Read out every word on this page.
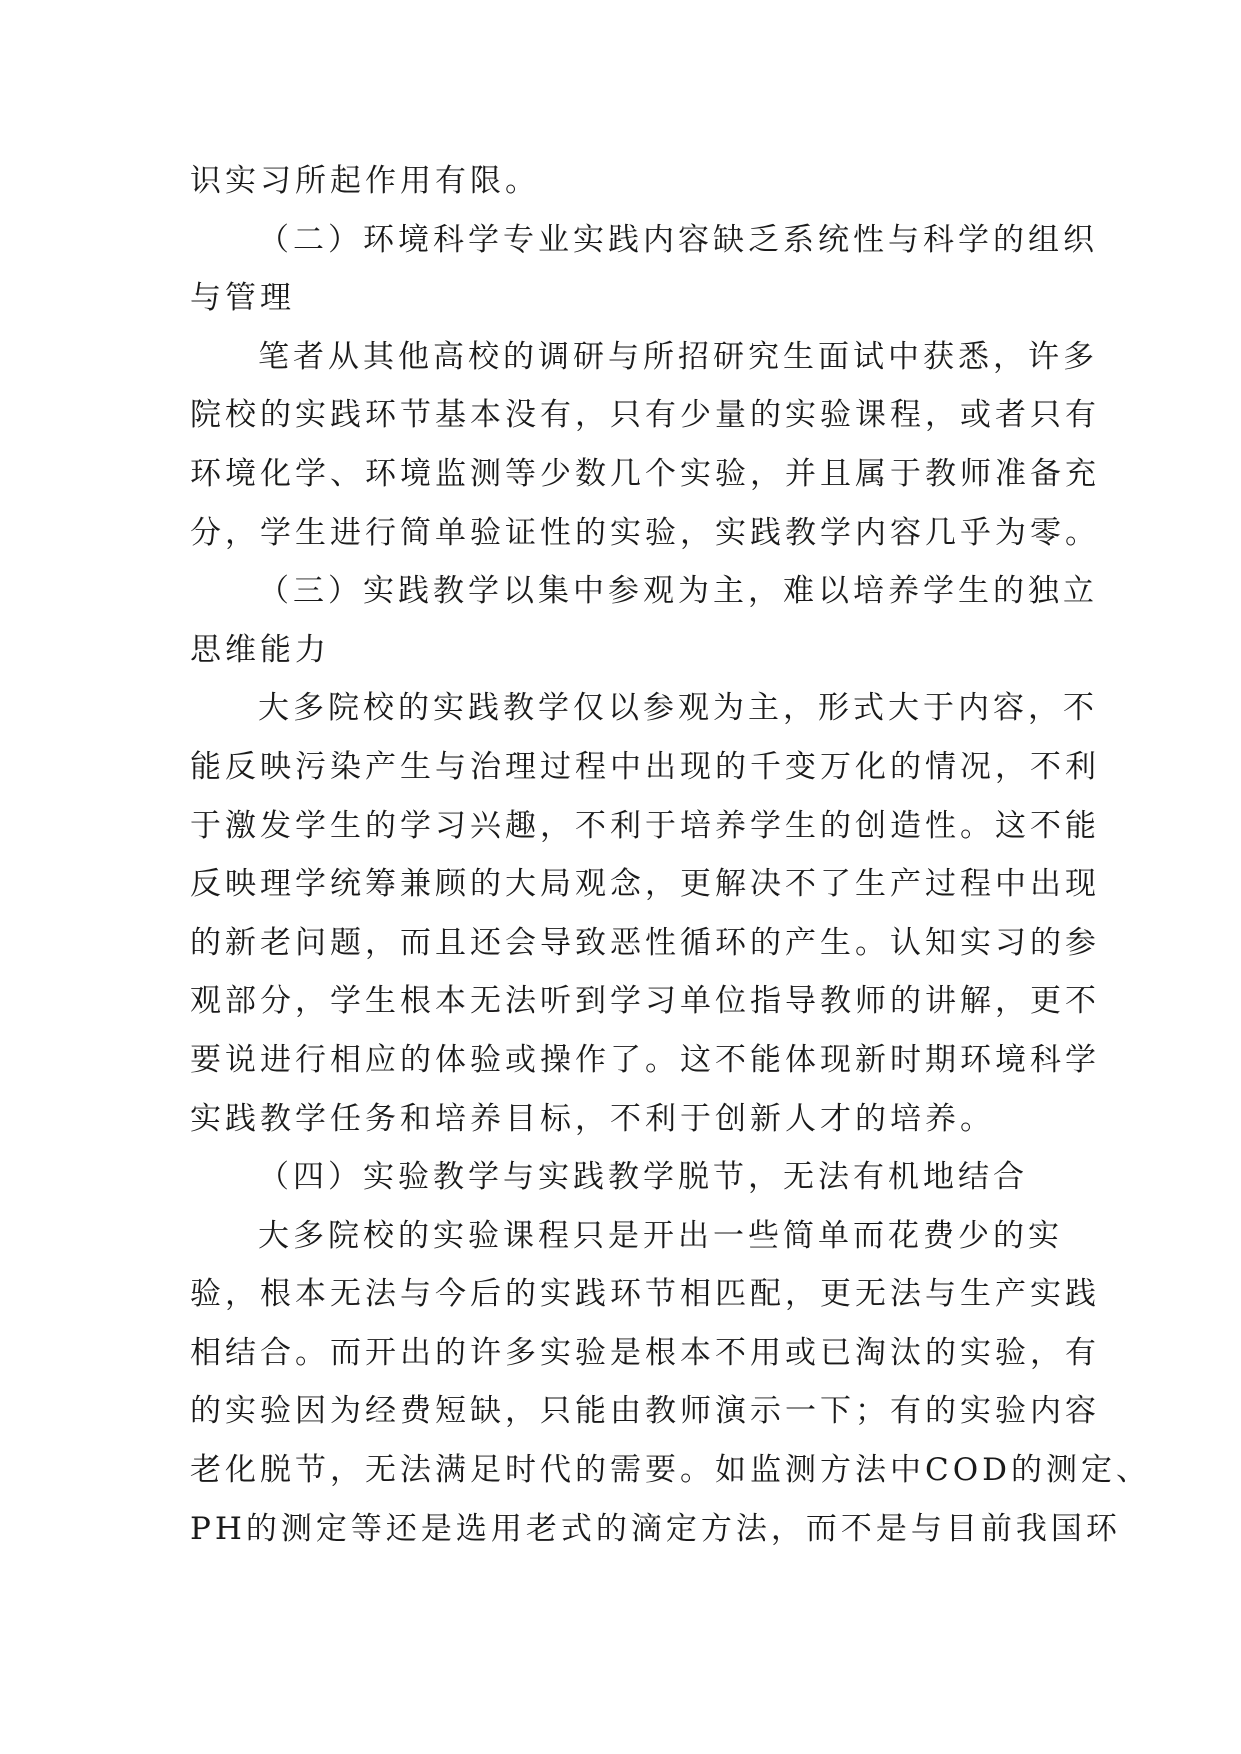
识实习所起作用有限。
（二）环境科学专业实践内容缺乏系统性与科学的组织
与管理
笔者从其他高校的调研与所招研究生面试中获悉，许多
院校的实践环节基本没有，只有少量的实验课程，或者只有
环境化学、环境监测等少数几个实验，并且属于教师准备充
分，学生进行简单验证性的实验，实践教学内容几乎为零。
（三）实践教学以集中参观为主，难以培养学生的独立
思维能力
大多院校的实践教学仅以参观为主，形式大于内容，不
能反映污染产生与治理过程中出现的千变万化的情况，不利
于激发学生的学习兴趣，不利于培养学生的创造性。这不能
反映理学统筹兼顾的大局观念，更解决不了生产过程中出现
的新老问题，而且还会导致恶性循环的产生。认知实习的参
观部分，学生根本无法听到学习单位指导教师的讲解，更不
要说进行相应的体验或操作了。这不能体现新时期环境科学
实践教学任务和培养目标，不利于创新人才的培养。
（四）实验教学与实践教学脱节，无法有机地结合
大多院校的实验课程只是开出一些简单而花费少的实
验，根本无法与今后的实践环节相匹配，更无法与生产实践
相结合。而开出的许多实验是根本不用或已淘汰的实验，有
的实验因为经费短缺，只能由教师演示一下；有的实验内容
老化脱节，无法满足时代的需要。如监测方法中COD的测定、
PH的测定等还是选用老式的滴定方法，而不是与目前我国环
